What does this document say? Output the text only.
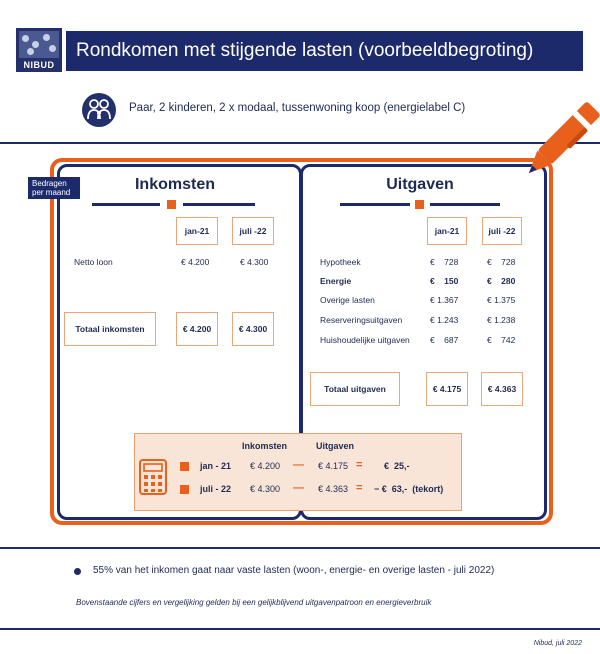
NIBUD
Rondkomen met stijgende lasten (voorbeeldbegroting)
Paar, 2 kinderen, 2 x modaal, tussenwoning koop (energielabel C)
Bedragen
per maand	Inkomsten
jan-21	juli -22
Netto loon	€ 4.200	€ 4.300
Totaal inkomsten	€ 4.200	€ 4.300
Uitgaven
jan-21	juli -22
Hypotheek	€    728	€    728
Energie	€    150	€    280
Overige lasten	€ 1.367	€ 1.375
Reserveringsuitgaven	€ 1.243	€ 1.238
Huishoudelijke uitgaven €    687	€    742
Totaal uitgaven	€ 4.175	€ 4.363
Inkomsten	Uitgaven
jan - 21 € 4.200 — € 4.175 = €  25,-
juli - 22 € 4.300 — € 4.363 = − €  63,-  (tekort)
55% van het inkomen gaat naar vaste lasten (woon-, energie- en overige lasten - juli 2022)
Bovenstaande cijfers en vergelijking gelden bij een gelijkblijvend uitgavenpatroon en energieverbruik
Nibud, juli 2022
